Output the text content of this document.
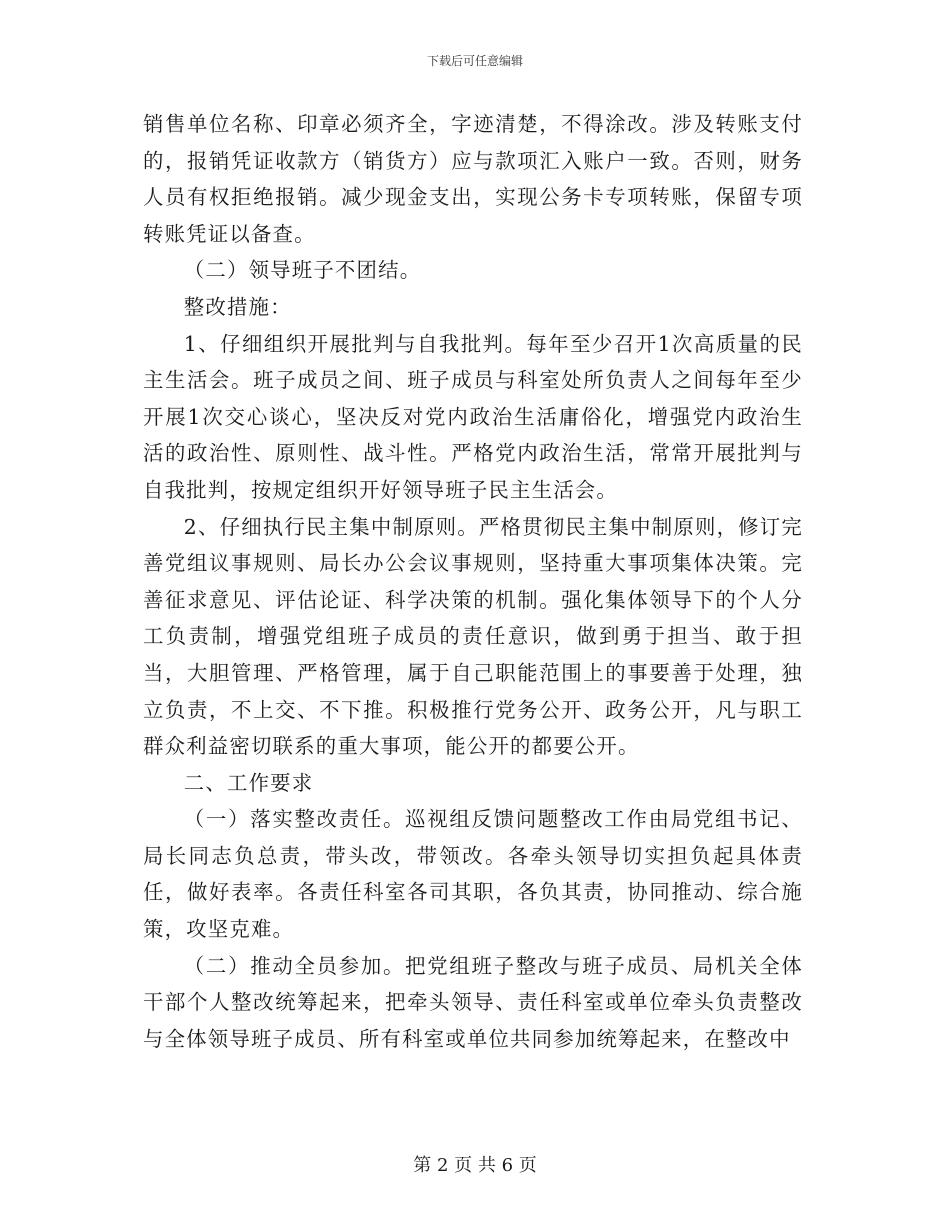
下载后可任意编辑

销售单位名称、印章必须齐全，字迹清楚，不得涂改。涉及转账支付的，报销凭证收款方（销货方）应与款项汇入账户一致。否则，财务人员有权拒绝报销。减少现金支出，实现公务卡专项转账，保留专项转账凭证以备查。

（二）领导班子不团结。

整改措施：

1、仔细组织开展批判与自我批判。每年至少召开1次高质量的民主生活会。班子成员之间、班子成员与科室处所负责人之间每年至少开展1次交心谈心，坚决反对党内政治生活庸俗化，增强党内政治生活的政治性、原则性、战斗性。严格党内政治生活，常常开展批判与自我批判，按规定组织开好领导班子民主生活会。

2、仔细执行民主集中制原则。严格贯彻民主集中制原则，修订完善党组议事规则、局长办公会议事规则，坚持重大事项集体决策。完善征求意见、评估论证、科学决策的机制。强化集体领导下的个人分工负责制，增强党组班子成员的责任意识，做到勇于担当、敢于担当，大胆管理、严格管理，属于自己职能范围上的事要善于处理，独立负责，不上交、不下推。积极推行党务公开、政务公开，凡与职工群众利益密切联系的重大事项，能公开的都要公开。

二、工作要求

（一）落实整改责任。巡视组反馈问题整改工作由局党组书记、局长同志负总责，带头改，带领改。各牵头领导切实担负起具体责任，做好表率。各责任科室各司其职，各负其责，协同推动、综合施策，攻坚克难。

（二）推动全员参加。把党组班子整改与班子成员、局机关全体干部个人整改统筹起来，把牵头领导、责任科室或单位牵头负责整改与全体领导班子成员、所有科室或单位共同参加统筹起来，在整改中

第 2 页 共 6 页
